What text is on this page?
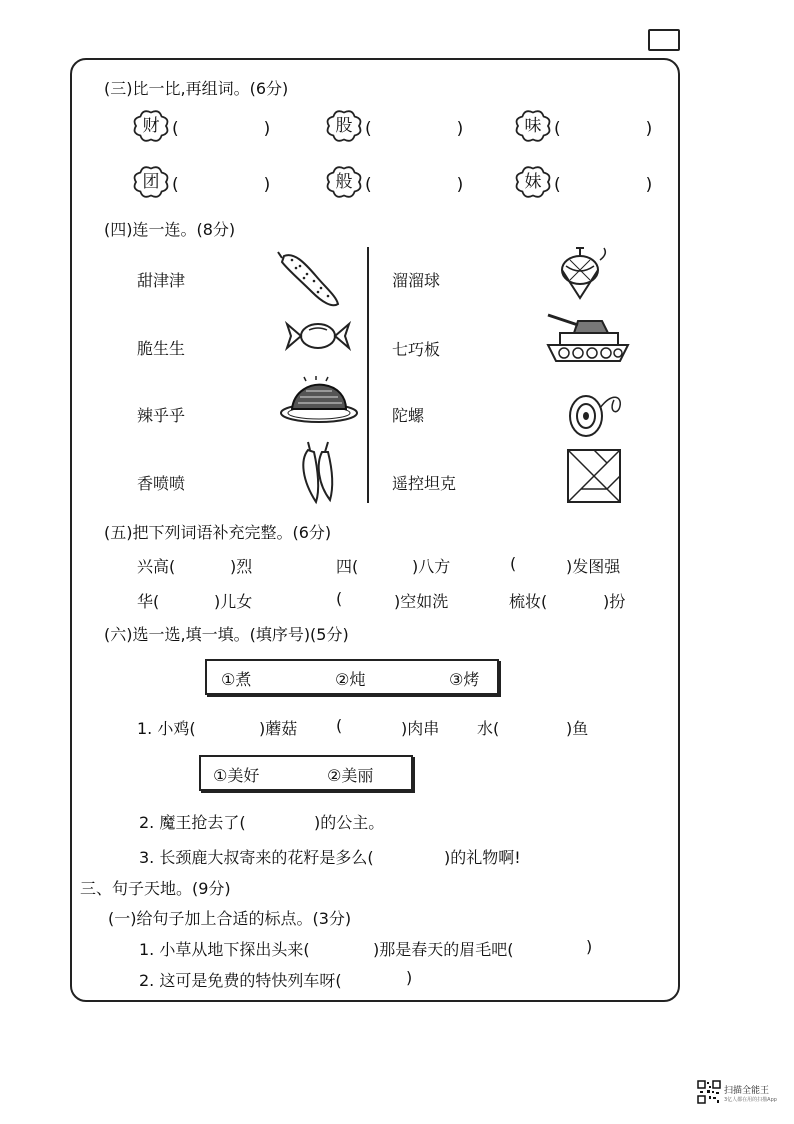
(三)比一比,再组词。(6分)
财 (　　　　　)	股 (　　　　　)	味 (　　　　　)
团 (　　　　　)	般 (　　　　　)	妹 (　　　　　)
(四)连一连。(8分)
甜津津
脆生生
辣乎乎
香喷喷
溜溜球
七巧板
陀螺
遥控坦克
(五)把下列词语补充完整。(6分)
兴高(	)烈	四(	)八方	(	)发图强
华(	)儿女	(	)空如洗	梳妆(	)扮
(六)选一选,填一填。(填序号)(5分)
①煮	②炖	③烤
1. 小鸡(	)蘑菇 (	)肉串 水(	)鱼
①美好	②美丽
2. 魔王抢去了(	)的公主。
3. 长颈鹿大叔寄来的花籽是多么(	)的礼物啊!
三、句子天地。(9分)
(一)给句子加上合适的标点。(3分)
1. 小草从地下探出头来(	)那是春天的眉毛吧(	)
2. 这可是免费的特快列车呀(	)
扫描全能王
3亿人都在用的扫描App
